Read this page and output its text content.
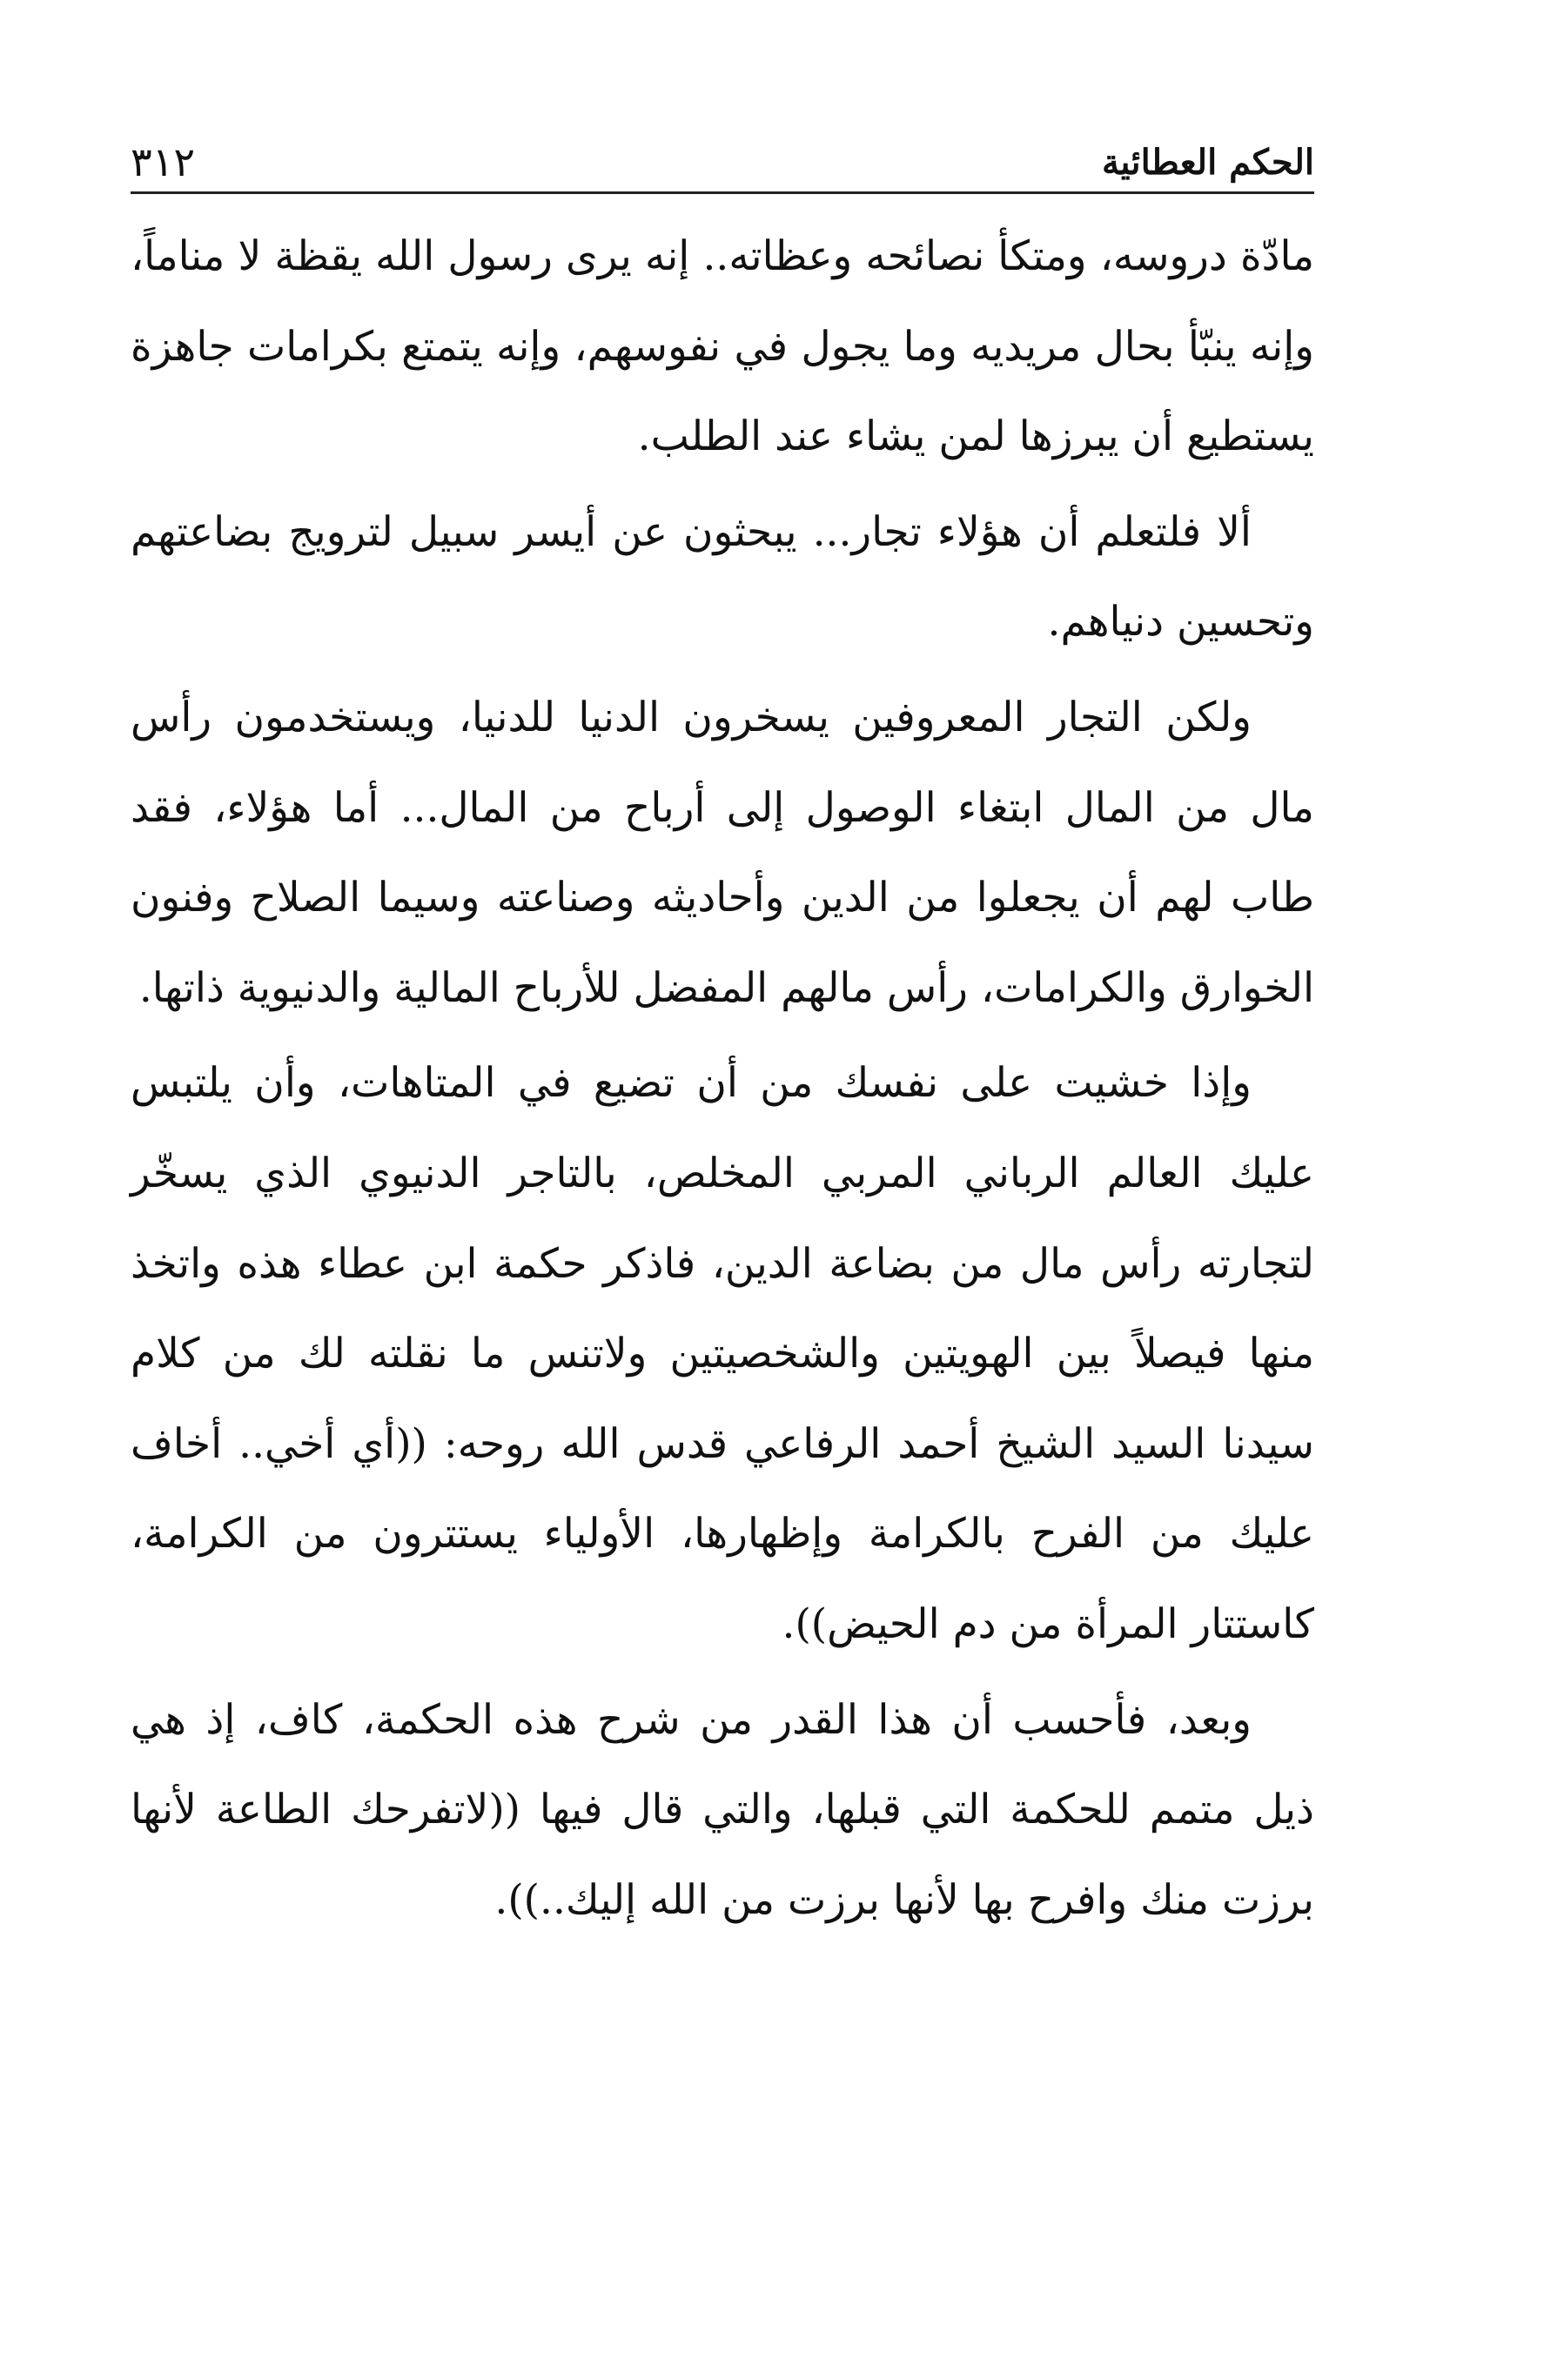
الحكم العطائية
٣١٢

مادّة دروسه، ومتكأ نصائحه وعظاته.. إنه يرى رسول الله يقظة لا مناماً، وإنه ينبّأ بحال مريديه وما يجول في نفوسهم، وإنه يتمتع بكرامات جاهزة يستطيع أن يبرزها لمن يشاء عند الطلب.

ألا فلتعلم أن هؤلاء تجار... يبحثون عن أيسر سبيل لترويج بضاعتهم وتحسين دنياهم.

ولكن التجار المعروفين يسخرون الدنيا للدنيا، ويستخدمون رأس مال من المال ابتغاء الوصول إلى أرباح من المال... أما هؤلاء، فقد طاب لهم أن يجعلوا من الدين وأحاديثه وصناعته وسيما الصلاح وفنون الخوارق والكرامات، رأس مالهم المفضل للأرباح المالية والدنيوية ذاتها.

وإذا خشيت على نفسك من أن تضيع في المتاهات، وأن يلتبس عليك العالم الرباني المربي المخلص، بالتاجر الدنيوي الذي يسخّر لتجارته رأس مال من بضاعة الدين، فاذكر حكمة ابن عطاء هذه واتخذ منها فيصلاً بين الهويتين والشخصيتين ولاتنس ما نقلته لك من كلام سيدنا السيد الشيخ أحمد الرفاعي قدس الله روحه: ((أي أخي.. أخاف عليك من الفرح بالكرامة وإظهارها، الأولياء يستترون من الكرامة، كاستتار المرأة من دم الحيض)).

وبعد، فأحسب أن هذا القدر من شرح هذه الحكمة، كاف، إذ هي ذيل متمم للحكمة التي قبلها، والتي قال فيها ((لاتفرحك الطاعة لأنها برزت منك وافرح بها لأنها برزت من الله إليك..)).
